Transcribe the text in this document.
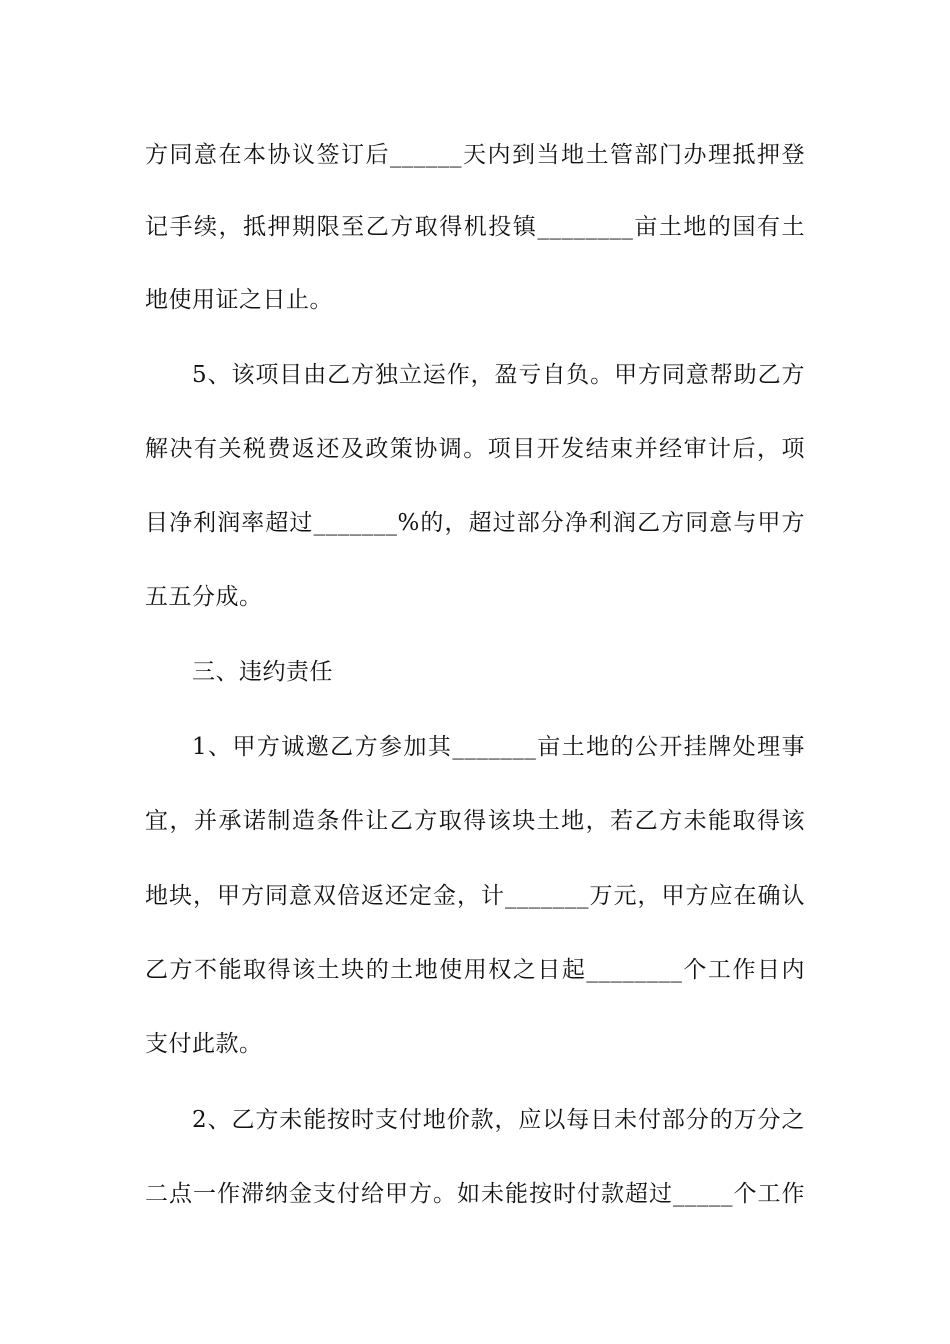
方同意在本协议签订后______天内到当地土管部门办理抵押登
记手续，抵押期限至乙方取得机投镇________亩土地的国有土
地使用证之日止。
5、该项目由乙方独立运作，盈亏自负。甲方同意帮助乙方
解决有关税费返还及政策协调。项目开发结束并经审计后，项
目净利润率超过_______%的，超过部分净利润乙方同意与甲方
五五分成。
三、违约责任
1、甲方诚邀乙方参加其_______亩土地的公开挂牌处理事
宜，并承诺制造条件让乙方取得该块土地，若乙方未能取得该
地块，甲方同意双倍返还定金，计_______万元，甲方应在确认
乙方不能取得该土块的土地使用权之日起________个工作日内
支付此款。
2、乙方未能按时支付地价款，应以每日未付部分的万分之
二点一作滞纳金支付给甲方。如未能按时付款超过_____个工作
